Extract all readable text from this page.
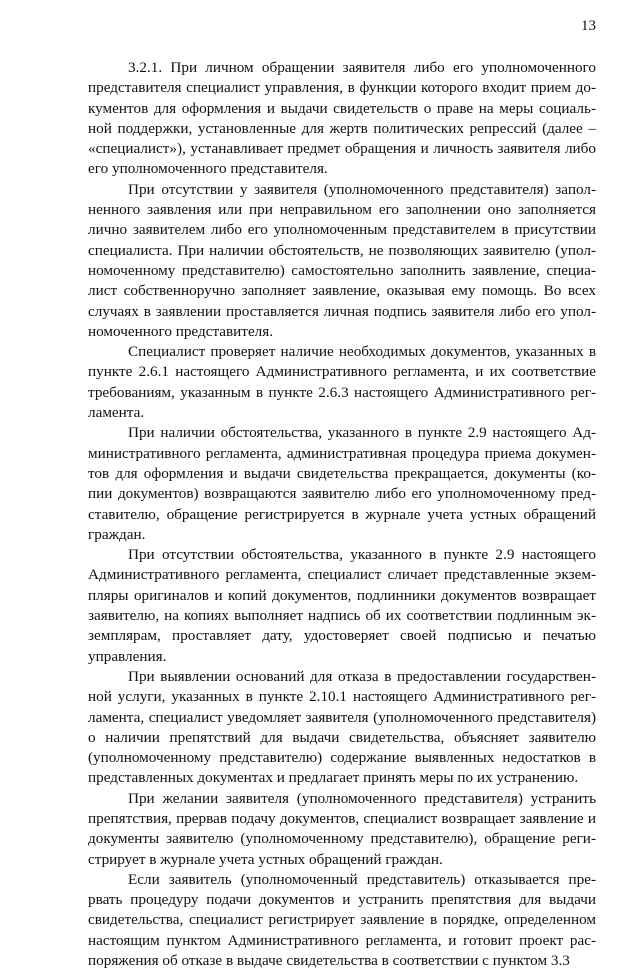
13

3.2.1. При личном обращении заявителя либо его уполномоченного представителя специалист управления, в функции которого входит прием документов для оформления и выдачи свидетельств о праве на меры социальной поддержки, установленные для жертв политических репрессий (далее – «специалист»), устанавливает предмет обращения и личность заявителя либо его уполномоченного представителя.

При отсутствии у заявителя (уполномоченного представителя) заполненного заявления или при неправильном его заполнении оно заполняется лично заявителем либо его уполномоченным представителем в присутствии специалиста. При наличии обстоятельств, не позволяющих заявителю (уполномоченному представителю) самостоятельно заполнить заявление, специалист собственноручно заполняет заявление, оказывая ему помощь. Во всех случаях в заявлении проставляется личная подпись заявителя либо его уполномоченного представителя.

Специалист проверяет наличие необходимых документов, указанных в пункте 2.6.1 настоящего Административного регламента, и их соответствие требованиям, указанным в пункте 2.6.3 настоящего Административного регламента.

При наличии обстоятельства, указанного в пункте 2.9 настоящего Административного регламента, административная процедура приема документов для оформления и выдачи свидетельства прекращается, документы (копии документов) возвращаются заявителю либо его уполномоченному представителю, обращение регистрируется в журнале учета устных обращений граждан.

При отсутствии обстоятельства, указанного в пункте 2.9 настоящего Административного регламента, специалист сличает представленные экземпляры оригиналов и копий документов, подлинники документов возвращает заявителю, на копиях выполняет надпись об их соответствии подлинным экземплярам, проставляет дату, удостоверяет своей подписью и печатью управления.

При выявлении оснований для отказа в предоставлении государственной услуги, указанных в пункте 2.10.1 настоящего Административного регламента, специалист уведомляет заявителя (уполномоченного представителя) о наличии препятствий для выдачи свидетельства, объясняет заявителю (уполномоченному представителю) содержание выявленных недостатков в представленных документах и предлагает принять меры по их устранению.

При желании заявителя (уполномоченного представителя) устранить препятствия, прервав подачу документов, специалист возвращает заявление и документы заявителю (уполномоченному представителю), обращение регистрирует в журнале учета устных обращений граждан.

Если заявитель (уполномоченный представитель) отказывается прервать процедуру подачи документов и устранить препятствия для выдачи свидетельства, специалист регистрирует заявление в порядке, определенном настоящим пунктом Административного регламента, и готовит проект распоряжения об отказе в выдаче свидетельства в соответствии с пунктом 3.3
